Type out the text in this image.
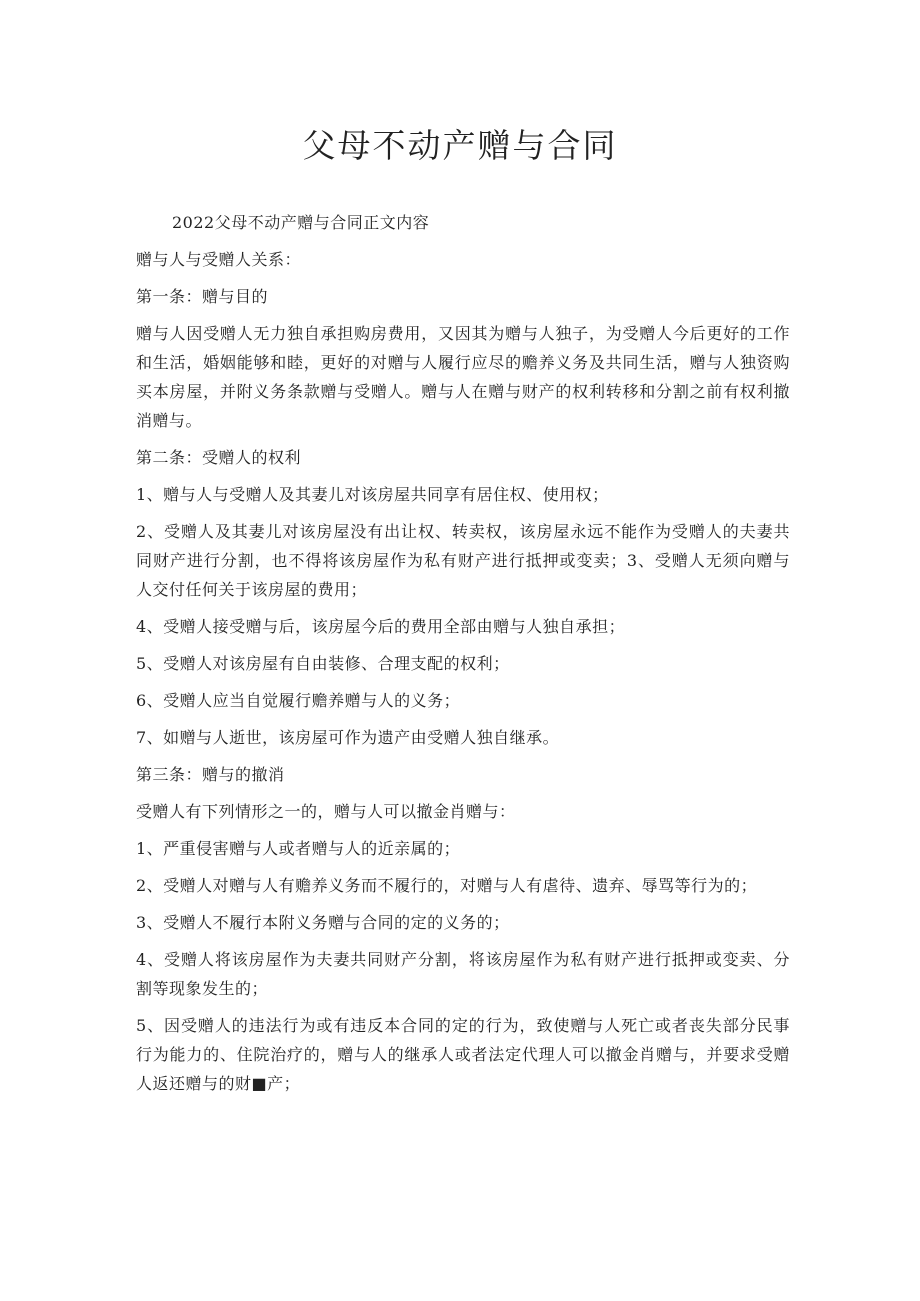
父母不动产赠与合同

2022父母不动产赠与合同正文内容

赠与人与受赠人关系：

第一条：赠与目的

赠与人因受赠人无力独自承担购房费用，又因其为赠与人独子，为受赠人今后更好的工作和生活，婚姻能够和睦，更好的对赠与人履行应尽的赡养义务及共同生活，赠与人独资购买本房屋，并附义务条款赠与受赠人。赠与人在赠与财产的权利转移和分割之前有权利撤消赠与。

第二条：受赠人的权利

1、赠与人与受赠人及其妻儿对该房屋共同享有居住权、使用权；

2、受赠人及其妻儿对该房屋没有出让权、转卖权，该房屋永远不能作为受赠人的夫妻共同财产进行分割，也不得将该房屋作为私有财产进行抵押或变卖；3、受赠人无须向赠与人交付任何关于该房屋的费用；

4、受赠人接受赠与后，该房屋今后的费用全部由赠与人独自承担；

5、受赠人对该房屋有自由装修、合理支配的权利；

6、受赠人应当自觉履行赡养赠与人的义务；

7、如赠与人逝世，该房屋可作为遗产由受赠人独自继承。

第三条：赠与的撤消

受赠人有下列情形之一的，赠与人可以撤金肖赠与：

1、严重侵害赠与人或者赠与人的近亲属的；

2、受赠人对赠与人有赡养义务而不履行的，对赠与人有虐待、遗弃、辱骂等行为的；

3、受赠人不履行本附义务赠与合同的定的义务的；

4、受赠人将该房屋作为夫妻共同财产分割，将该房屋作为私有财产进行抵押或变卖、分割等现象发生的；

5、因受赠人的违法行为或有违反本合同的定的行为，致使赠与人死亡或者丧失部分民事行为能力的、住院治疗的，赠与人的继承人或者法定代理人可以撤金肖赠与，并要求受赠人返还赠与的财■产；
